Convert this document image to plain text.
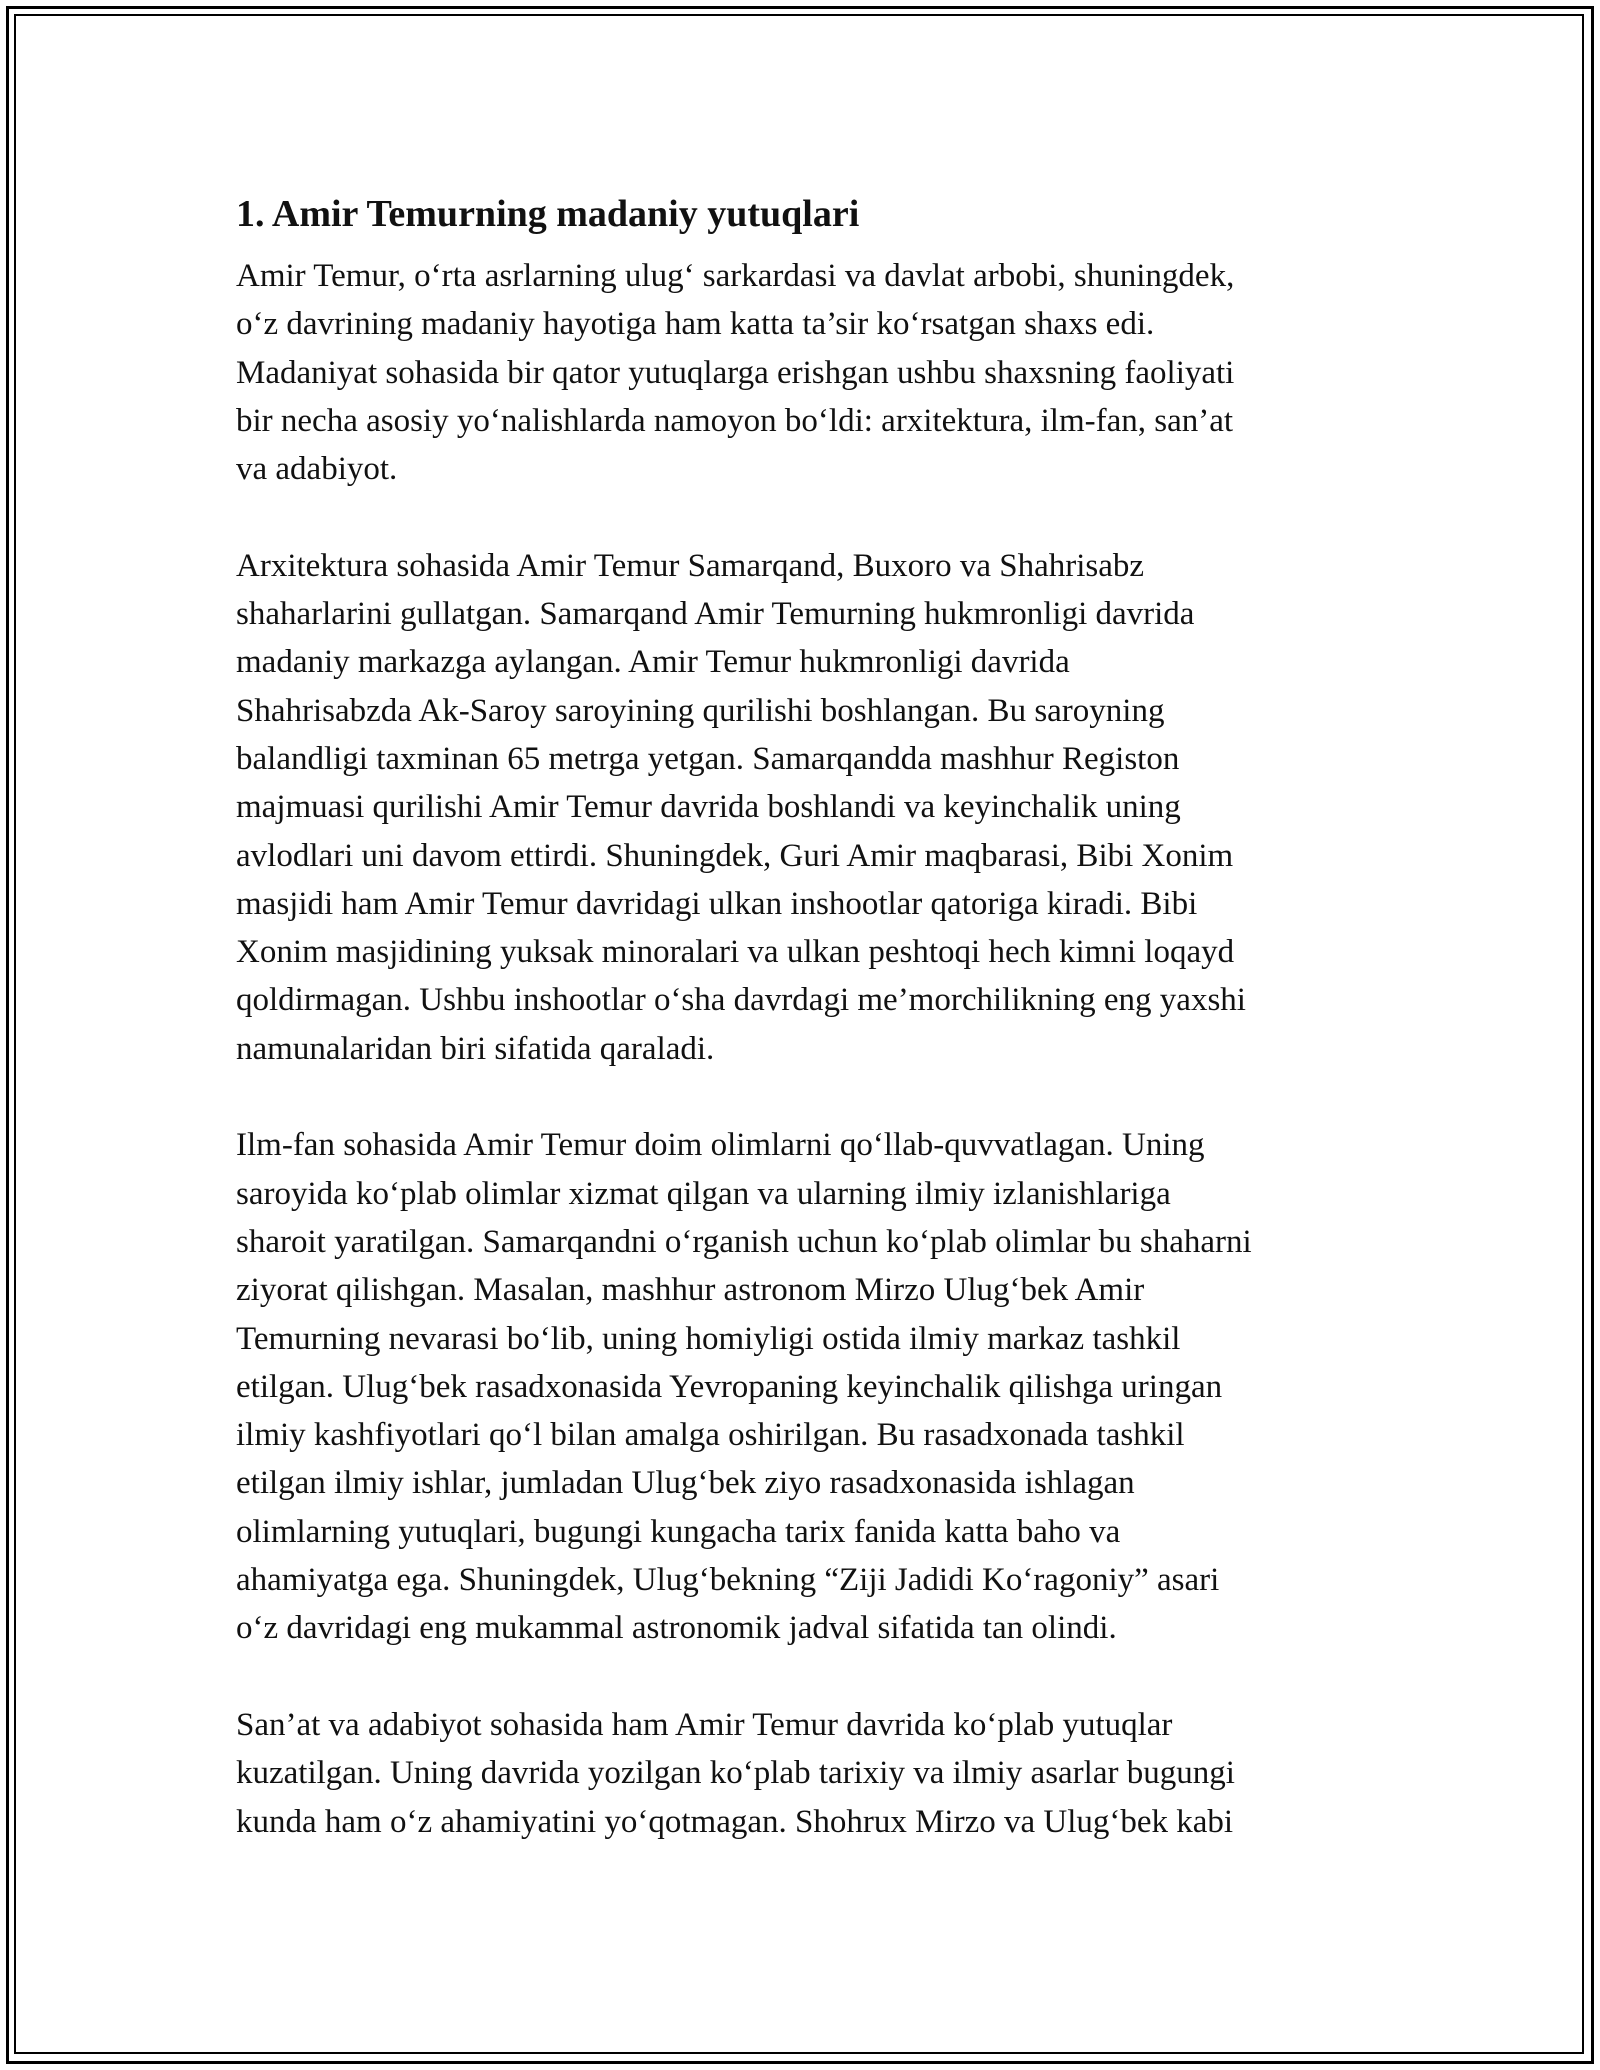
1. Amir Temurning madaniy yutuqlari
Amir Temur, o‘rta asrlarning ulug‘ sarkardasi va davlat arbobi, shuningdek,
o‘z davrining madaniy hayotiga ham katta ta’sir ko‘rsatgan shaxs edi.
Madaniyat sohasida bir qator yutuqlarga erishgan ushbu shaxsning faoliyati
bir necha asosiy yo‘nalishlarda namoyon bo‘ldi: arxitektura, ilm-fan, san’at
va adabiyot.
Arxitektura sohasida Amir Temur Samarqand, Buxoro va Shahrisabz
shaharlarini gullatgan. Samarqand Amir Temurning hukmronligi davrida
madaniy markazga aylangan. Amir Temur hukmronligi davrida
Shahrisabzda Ak-Saroy saroyining qurilishi boshlangan. Bu saroyning
balandligi taxminan 65 metrga yetgan. Samarqandda mashhur Registon
majmuasi qurilishi Amir Temur davrida boshlandi va keyinchalik uning
avlodlari uni davom ettirdi. Shuningdek, Guri Amir maqbarasi, Bibi Xonim
masjidi ham Amir Temur davridagi ulkan inshootlar qatoriga kiradi. Bibi
Xonim masjidining yuksak minoralari va ulkan peshtoqi hech kimni loqayd
qoldirmagan. Ushbu inshootlar o‘sha davrdagi me’morchilikning eng yaxshi
namunalaridan biri sifatida qaraladi.
Ilm-fan sohasida Amir Temur doim olimlarni qo‘llab-quvvatlagan. Uning
saroyida ko‘plab olimlar xizmat qilgan va ularning ilmiy izlanishlariga
sharoit yaratilgan. Samarqandni o‘rganish uchun ko‘plab olimlar bu shaharni
ziyorat qilishgan. Masalan, mashhur astronom Mirzo Ulug‘bek Amir
Temurning nevarasi bo‘lib, uning homiyligi ostida ilmiy markaz tashkil
etilgan. Ulug‘bek rasadxonasida Yevropaning keyinchalik qilishga uringan
ilmiy kashfiyotlari qo‘l bilan amalga oshirilgan. Bu rasadxonada tashkil
etilgan ilmiy ishlar, jumladan Ulug‘bek ziyo rasadxonasida ishlagan
olimlarning yutuqlari, bugungi kungacha tarix fanida katta baho va
ahamiyatga ega. Shuningdek, Ulug‘bekning “Ziji Jadidi Ko‘ragoniy” asari
o‘z davridagi eng mukammal astronomik jadval sifatida tan olindi.
San’at va adabiyot sohasida ham Amir Temur davrida ko‘plab yutuqlar
kuzatilgan. Uning davrida yozilgan ko‘plab tarixiy va ilmiy asarlar bugungi
kunda ham o‘z ahamiyatini yo‘qotmagan. Shohrux Mirzo va Ulug‘bek kabi
